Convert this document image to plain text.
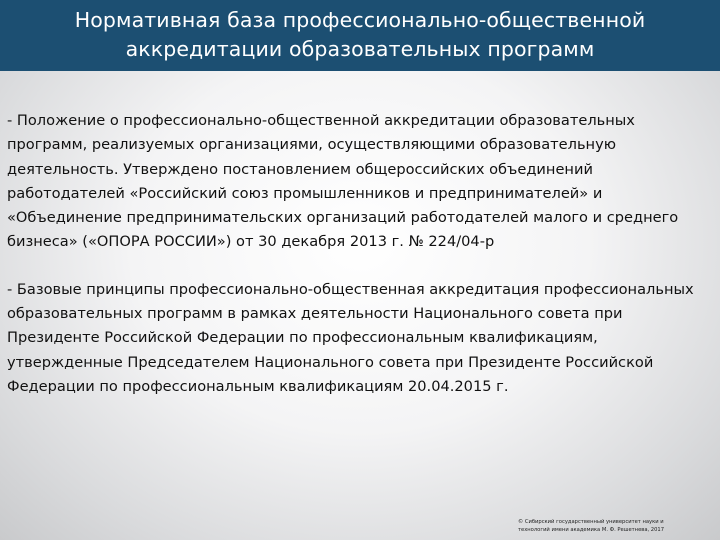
Нормативная база профессионально-общественной
аккредитации образовательных программ

- Положение о профессионально-общественной аккредитации образовательных программ, реализуемых организациями, осуществляющими образовательную деятельность. Утверждено постановлением общероссийских объединений работодателей «Российский союз промышленников и предпринимателей» и «Объединение предпринимательских организаций работодателей малого и среднего бизнеса» («ОПОРА РОССИИ») от 30 декабря 2013 г. № 224/04-р

- Базовые принципы профессионально-общественная аккредитация профессиональных образовательных программ в рамках деятельности Национального совета при Президенте Российской Федерации по профессиональным квалификациям, утвержденные Председателем Национального совета при Президенте Российской Федерации по профессиональным квалификациям 20.04.2015 г.

© Сибирский государственный университет науки и
технологий имени академика М. Ф. Решетнева, 2017
